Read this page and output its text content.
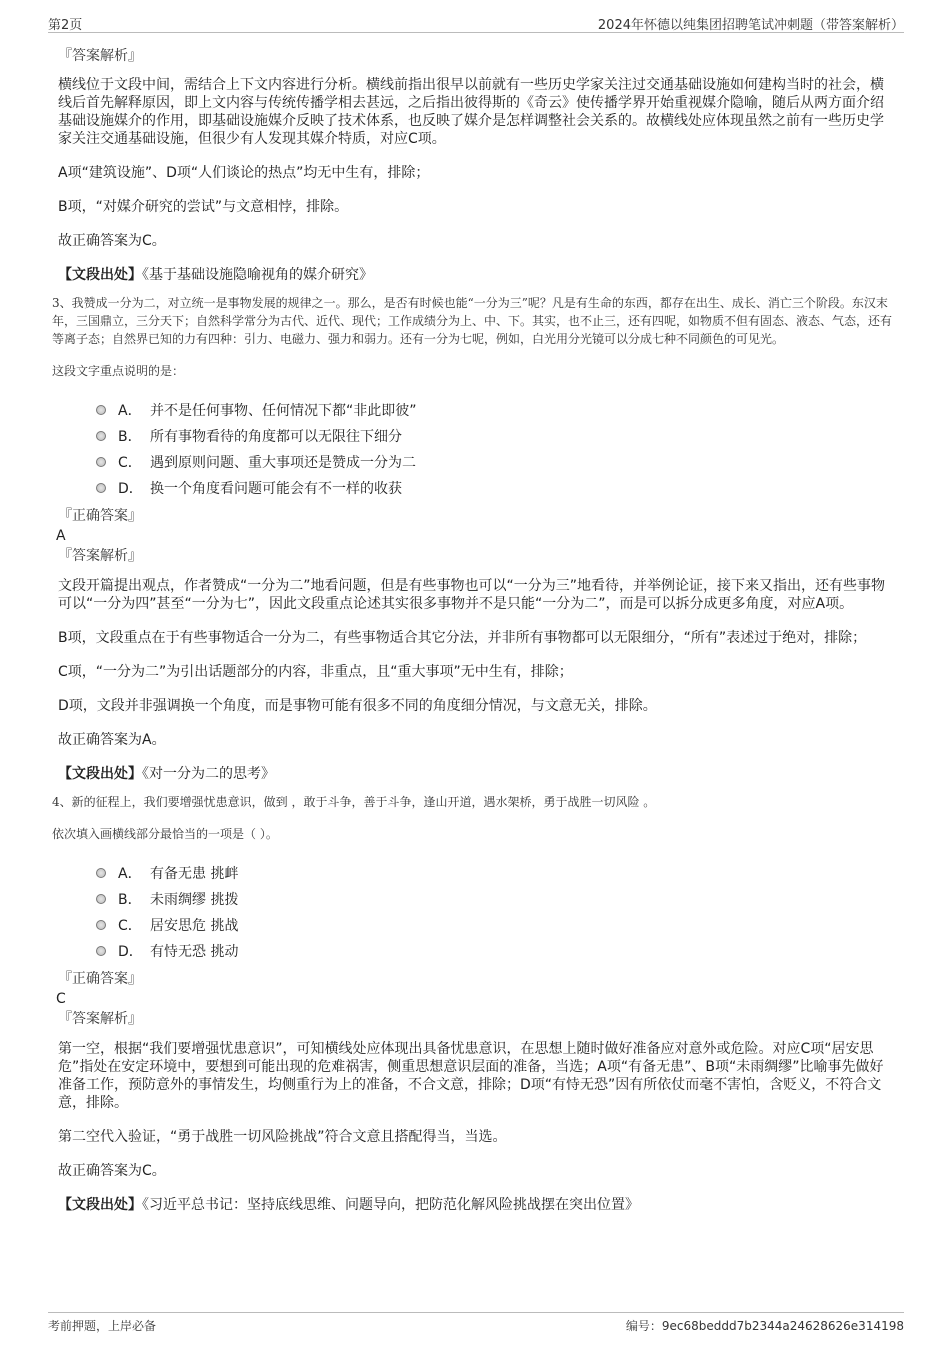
第2页	2024年怀德以纯集团招聘笔试冲刺题（带答案解析）
『答案解析』

横线位于文段中间，需结合上下文内容进行分析。横线前指出很早以前就有一些历史学家关注过交通基础设施如何建构当时的社会，横线后首先解释原因，即上文内容与传统传播学相去甚远，之后指出彼得斯的《奇云》使传播学界开始重视媒介隐喻，随后从两方面介绍基础设施媒介的作用，即基础设施媒介反映了技术体系，也反映了媒介是怎样调整社会关系的。故横线处应体现虽然之前有一些历史学家关注交通基础设施，但很少有人发现其媒介特质，对应C项。

A项“建筑设施”、D项“人们谈论的热点”均无中生有，排除；

B项，“对媒介研究的尝试”与文意相悖，排除。

故正确答案为C。

【文段出处】《基于基础设施隐喻视角的媒介研究》

3、我赞成一分为二，对立统一是事物发展的规律之一。那么，是否有时候也能“一分为三”呢？凡是有生命的东西，都存在出生、成长、消亡三个阶段。东汉末年，三国鼎立，三分天下；自然科学常分为古代、近代、现代；工作成绩分为上、中、下。其实，也不止三，还有四呢，如物质不但有固态、液态、气态，还有等离子态；自然界已知的力有四种：引力、电磁力、强力和弱力。还有一分为七呢，例如，白光用分光镜可以分成七种不同颜色的可见光。

这段文字重点说明的是：

A． 并不是任何事物、任何情况下都“非此即彼”
B． 所有事物看待的角度都可以无限往下细分
C． 遇到原则问题、重大事项还是赞成一分为二
D． 换一个角度看问题可能会有不一样的收获
『正确答案』
A
『答案解析』

文段开篇提出观点，作者赞成“一分为二”地看问题，但是有些事物也可以“一分为三”地看待，并举例论证，接下来又指出，还有些事物可以“一分为四”甚至“一分为七”，因此文段重点论述其实很多事物并不是只能“一分为二”，而是可以拆分成更多角度，对应A项。

B项，文段重点在于有些事物适合一分为二，有些事物适合其它分法，并非所有事物都可以无限细分，“所有”表述过于绝对，排除；

C项，“一分为二”为引出话题部分的内容，非重点，且“重大事项”无中生有，排除；

D项，文段并非强调换一个角度，而是事物可能有很多不同的角度细分情况，与文意无关，排除。

故正确答案为A。

【文段出处】《对一分为二的思考》

4、新的征程上，我们要增强忧患意识，做到 ，敢于斗争，善于斗争，逢山开道，遇水架桥，勇于战胜一切风险 。

依次填入画横线部分最恰当的一项是（ ）。

A． 有备无患 挑衅
B． 未雨绸缪 挑拨
C． 居安思危 挑战
D． 有恃无恐 挑动
『正确答案』
C
『答案解析』

第一空，根据“我们要增强忧患意识”，可知横线处应体现出具备忧患意识，在思想上随时做好准备应对意外或危险。对应C项“居安思危”指处在安定环境中，要想到可能出现的危难祸害，侧重思想意识层面的准备，当选；A项“有备无患”、B项“未雨绸缪”比喻事先做好准备工作，预防意外的事情发生，均侧重行为上的准备，不合文意，排除；D项“有恃无恐”因有所依仗而毫不害怕，含贬义，不符合文意，排除。

第二空代入验证，“勇于战胜一切风险挑战”符合文意且搭配得当，当选。

故正确答案为C。

【文段出处】《习近平总书记：坚持底线思维、问题导向，把防范化解风险挑战摆在突出位置》

考前押题，上岸必备	编号：9ec68beddd7b2344a24628626e314198
